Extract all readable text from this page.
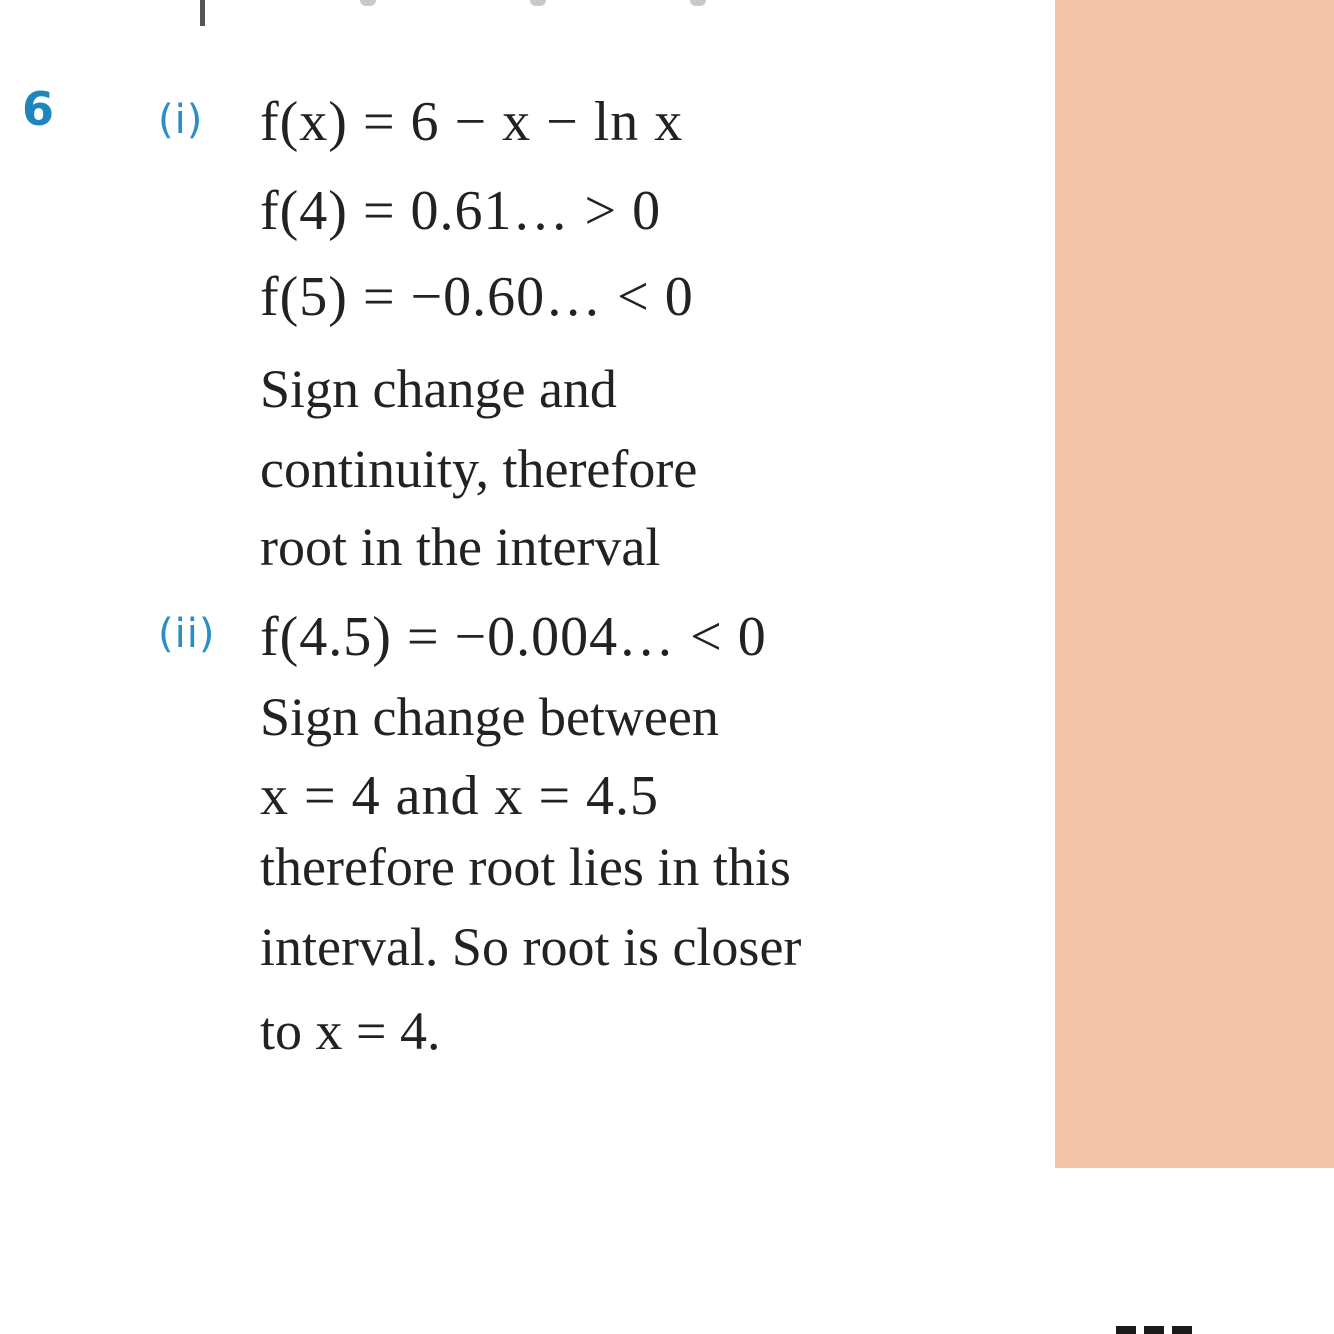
6	(i) f(x) = 6 − x − ln x
f(4) = 0.61… > 0
f(5) = −0.60… < 0
Sign change and
continuity, therefore
root in the interval
(ii) f(4.5) = −0.004… < 0
Sign change between
x = 4 and x = 4.5
therefore root lies in this
interval. So root is closer
to x = 4.
